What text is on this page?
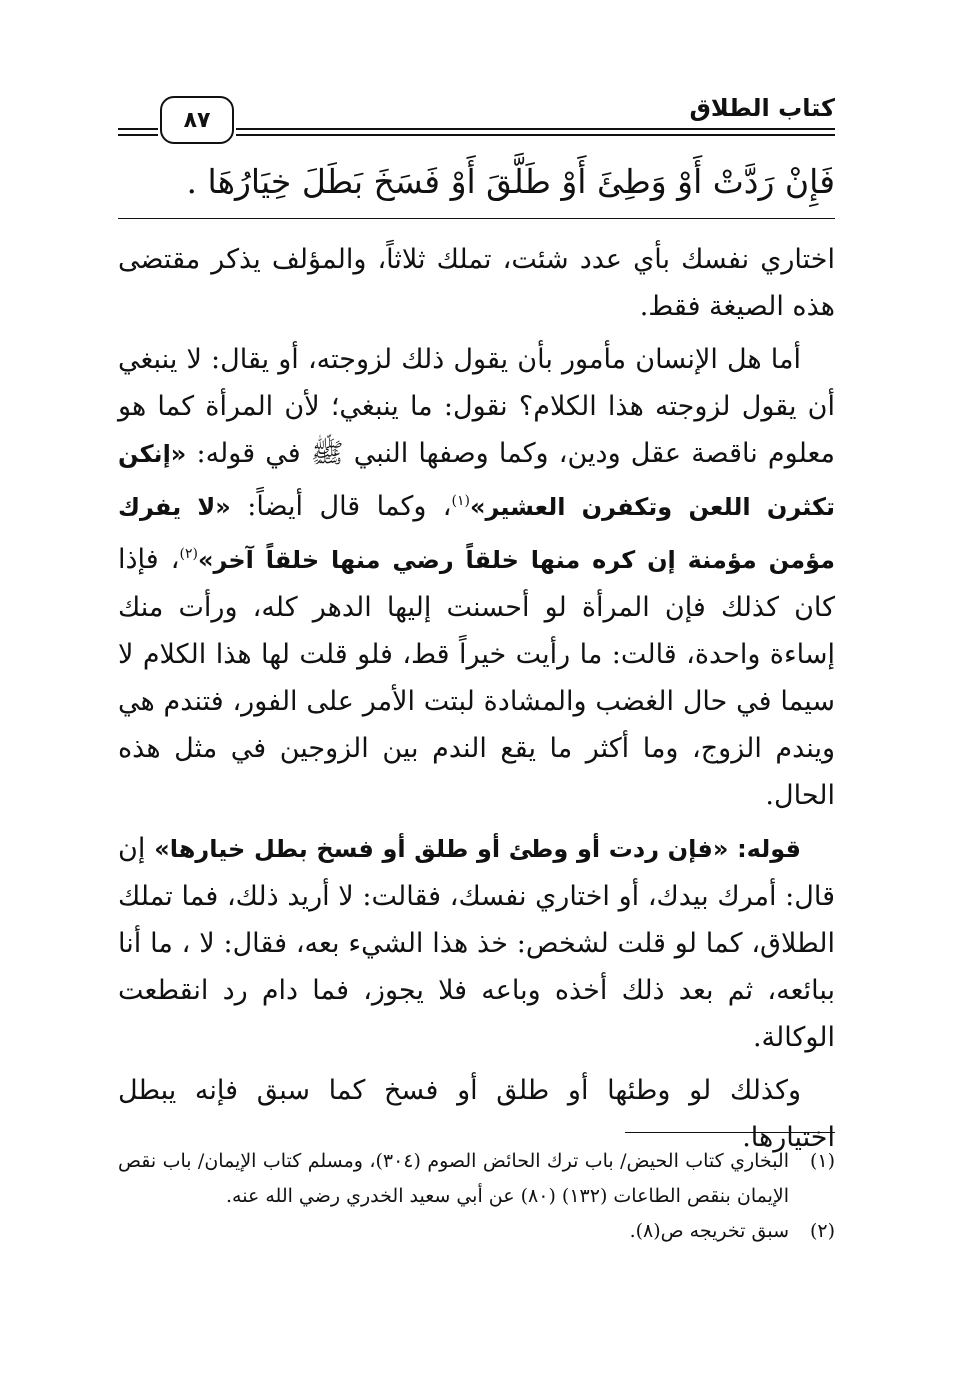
كتاب الطلاق
٨٧
فَإِنْ رَدَّتْ أَوْ وَطِئَ أَوْ طَلَّقَ أَوْ فَسَخَ بَطَلَ خِيَارُهَا .

اختاري نفسك بأي عدد شئت، تملك ثلاثاً، والمؤلف يذكر مقتضى هذه الصيغة فقط.

أما هل الإنسان مأمور بأن يقول ذلك لزوجته، أو يقال: لا ينبغي أن يقول لزوجته هذا الكلام؟ نقول: ما ينبغي؛ لأن المرأة كما هو معلوم ناقصة عقل ودين، وكما وصفها النبي ﷺ في قوله: «إنكن تكثرن اللعن وتكفرن العشير»$^{(١)}$، وكما قال أيضاً: «لا يفرك مؤمن مؤمنة إن كره منها خلقاً رضي منها خلقاً آخر»$^{(٢)}$، فإذا كان كذلك فإن المرأة لو أحسنت إليها الدهر كله، ورأت منك إساءة واحدة، قالت: ما رأيت خيراً قط، فلو قلت لها هذا الكلام لا سيما في حال الغضب والمشادة لبتت الأمر على الفور، فتندم هي ويندم الزوج، وما أكثر ما يقع الندم بين الزوجين في مثل هذه الحال.

قوله: «فإن ردت أو وطئ أو طلق أو فسخ بطل خيارها» إن قال: أمرك بيدك، أو اختاري نفسك، فقالت: لا أريد ذلك، فما تملك الطلاق، كما لو قلت لشخص: خذ هذا الشيء بعه، فقال: لا ، ما أنا ببائعه، ثم بعد ذلك أخذه وباعه فلا يجوز، فما دام رد انقطعت الوكالة.

وكذلك لو وطئها أو طلق أو فسخ كما سبق فإنه يبطل اختيارها.

(١)
البخاري كتاب الحيض/ باب ترك الحائض الصوم (٣٠٤)، ومسلم كتاب الإيمان/ باب نقص الإيمان بنقص الطاعات (١٣٢) (٨٠) عن أبي سعيد الخدري رضي الله عنه.
(٢)
سبق تخريجه ص(٨).
